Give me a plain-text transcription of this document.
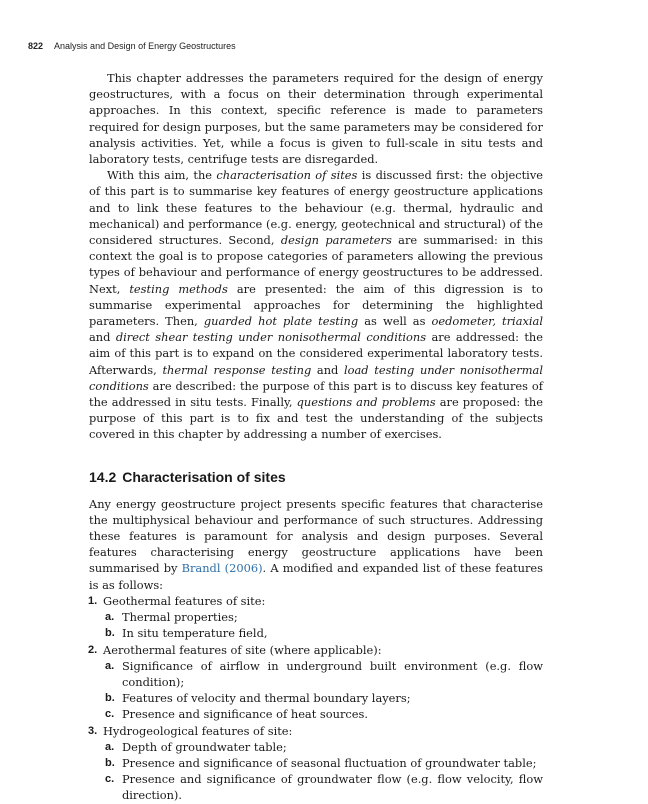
822 Analysis and Design of Energy Geostructures

This chapter addresses the parameters required for the design of energy geostructures, with a focus on their determination through experimental approaches. In this context, specific reference is made to parameters required for design purposes, but the same parameters may be considered for analysis activities. Yet, while a focus is given to full-scale in situ tests and laboratory tests, centrifuge tests are disregarded.

With this aim, the characterisation of sites is discussed first: the objective of this part is to summarise key features of energy geostructure applications and to link these features to the behaviour (e.g. thermal, hydraulic and mechanical) and performance (e.g. energy, geotechnical and structural) of the considered structures. Second, design parameters are summarised: in this context the goal is to propose categories of parameters allowing the previous types of behaviour and performance of energy geostructures to be addressed. Next, testing methods are presented: the aim of this digression is to summarise experimental approaches for determining the highlighted parameters. Then, guarded hot plate testing as well as oedometer, triaxial and direct shear testing under nonisothermal conditions are addressed: the aim of this part is to expand on the considered experimental laboratory tests. Afterwards, thermal response testing and load testing under nonisothermal conditions are described: the purpose of this part is to discuss key features of the addressed in situ tests. Finally, questions and problems are proposed: the purpose of this part is to fix and test the understanding of the subjects covered in this chapter by addressing a number of exercises.

14.2 Characterisation of sites

Any energy geostructure project presents specific features that characterise the multiphysical behaviour and performance of such structures. Addressing these features is paramount for analysis and design purposes. Several features characterising energy geostructure applications have been summarised by Brandl (2006). A modified and expanded list of these features is as follows:

1. Geothermal features of site:
a. Thermal properties;
b. In situ temperature field,
2. Aerothermal features of site (where applicable):
a. Significance of airflow in underground built environment (e.g. flow condition);
b. Features of velocity and thermal boundary layers;
c. Presence and significance of heat sources.
3. Hydrogeological features of site:
a. Depth of groundwater table;
b. Presence and significance of seasonal fluctuation of groundwater table;
c. Presence and significance of groundwater flow (e.g. flow velocity, flow direction).
